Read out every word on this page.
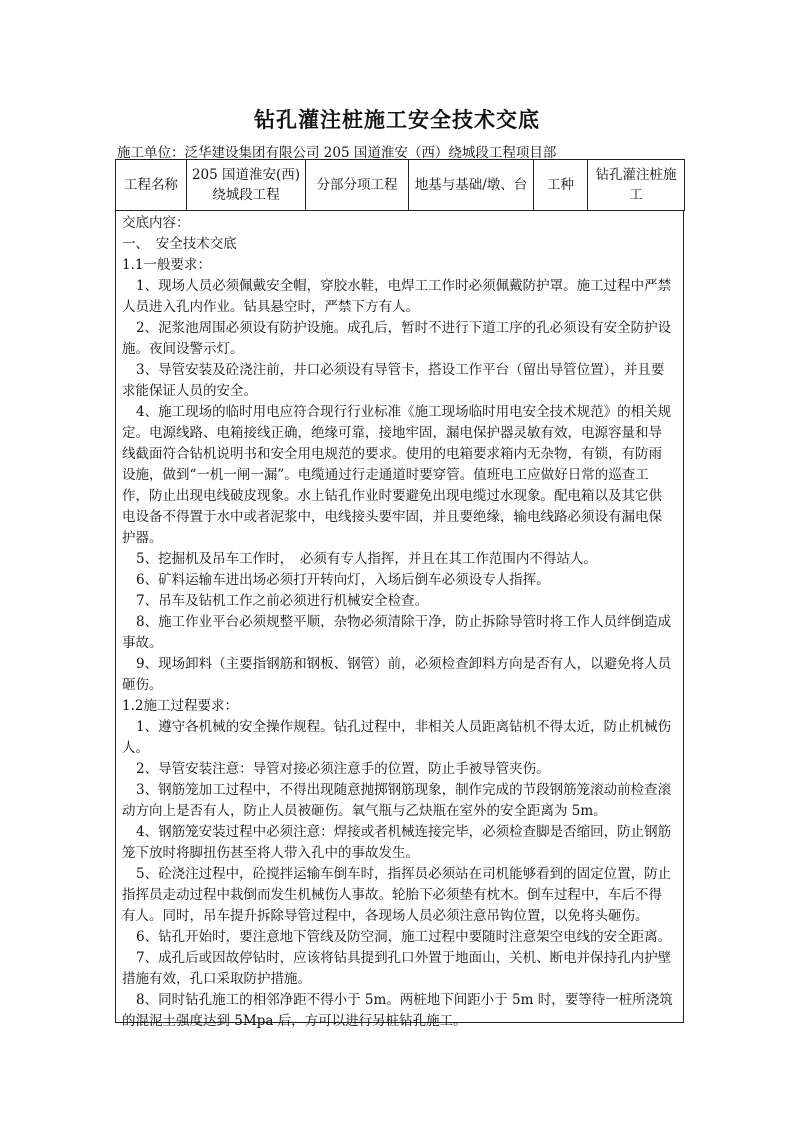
钻孔灌注桩施工安全技术交底
施工单位：泛华建设集团有限公司 205 国道淮安（西）绕城段工程项目部
工程名称	205 国道淮安(西)绕城段工程	分部分项工程	地基与基础/墩、台	工种	钻孔灌注桩施工

交底内容：

一、　安全技术交底

1.1一般要求：

1、现场人员必须佩戴安全帽，穿胶水鞋，电焊工工作时必须佩戴防护罩。施工过程中严禁人员进入孔内作业。钻具悬空时，严禁下方有人。

2、泥浆池周围必须设有防护设施。成孔后，暂时不进行下道工序的孔必须设有安全防护设施。夜间设警示灯。

3、导管安装及砼浇注前，井口必须设有导管卡，搭设工作平台（留出导管位置），并且要求能保证人员的安全。

4、施工现场的临时用电应符合现行行业标准《施工现场临时用电安全技术规范》的相关规定。电源线路、电箱接线正确，绝缘可靠，接地牢固，漏电保护器灵敏有效，电源容量和导线截面符合钻机说明书和安全用电规范的要求。使用的电箱要求箱内无杂物，有锁，有防雨设施，做到“一机一闸一漏”。电缆通过行走通道时要穿管。值班电工应做好日常的巡查工作，防止出现电线破皮现象。水上钻孔作业时要避免出现电缆过水现象。配电箱以及其它供电设备不得置于水中或者泥浆中，电线接头要牢固，并且要绝缘，输电线路必须设有漏电保护器。

5、挖掘机及吊车工作时，　必须有专人指挥，并且在其工作范围内不得站人。

6、矿料运输车进出场必须打开转向灯，入场后倒车必须设专人指挥。

7、吊车及钻机工作之前必须进行机械安全检查。

8、施工作业平台必须规整平顺，杂物必须清除干净，防止拆除导管时将工作人员绊倒造成事故。

9、现场卸料（主要指钢筋和钢板、钢管）前，必须检查卸料方向是否有人，以避免将人员砸伤。

1.2施工过程要求：

1、遵守各机械的安全操作规程。钻孔过程中，非相关人员距离钻机不得太近，防止机械伤人。

2、导管安装注意：导管对接必须注意手的位置，防止手被导管夹伤。

3、钢筋笼加工过程中，不得出现随意抛掷钢筋现象，制作完成的节段钢筋笼滚动前检查滚动方向上是否有人，防止人员被砸伤。氧气瓶与乙炔瓶在室外的安全距离为 5m。

4、钢筋笼安装过程中必须注意：焊接或者机械连接完毕，必须检查脚是否缩回，防止钢筋笼下放时将脚扭伤甚至将人带入孔中的事故发生。

5、砼浇注过程中，砼搅拌运输车倒车时，指挥员必须站在司机能够看到的固定位置，防止指挥员走动过程中栽倒而发生机械伤人事故。轮胎下必须垫有枕木。倒车过程中，车后不得有人。同时，吊车提升拆除导管过程中，各现场人员必须注意吊钩位置，以免将头砸伤。

6、钻孔开始时，要注意地下管线及防空洞，施工过程中要随时注意架空电线的安全距离。

7、成孔后或因故停钻时，应该将钻具提到孔口外置于地面山，关机、断电并保持孔内护壁措施有效，孔口采取防护措施。

8、同时钻孔施工的相邻净距不得小于 5m。两桩地下间距小于 5m 时，要等待一桩所浇筑的混泥土强度达到 5Mpa 后，方可以进行另桩钻孔施工。
